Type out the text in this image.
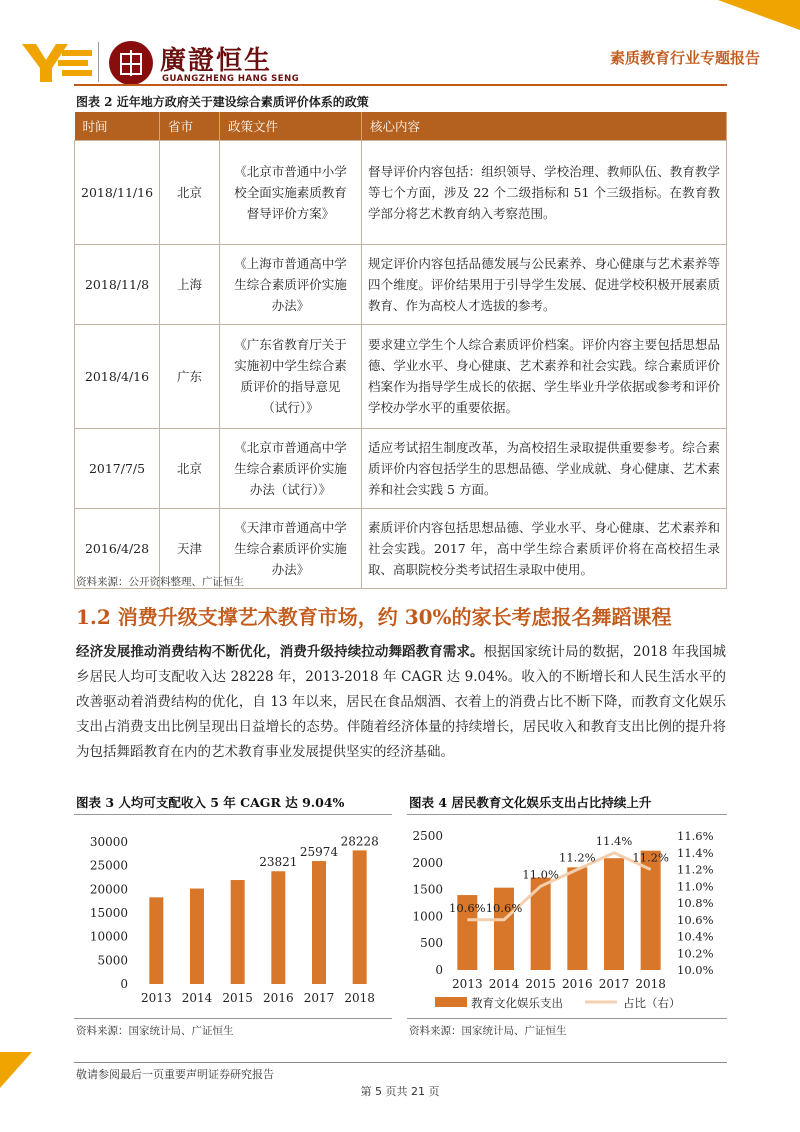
廣證恒生
GUANGZHENG HANG SENG
素质教育行业专题报告
图表 2 近年地方政府关于建设综合素质评价体系的政策
时间	省市	政策文件	核心内容
2018/11/16	北京	《北京市普通中小学校全面实施素质教育督导评价方案》	督导评价内容包括：组织领导、学校治理、教师队伍、教育教学等七个方面，涉及 22 个二级指标和 51 个三级指标。在教育教学部分将艺术教育纳入考察范围。
2018/11/8	上海	《上海市普通高中学生综合素质评价实施办法》	规定评价内容包括品德发展与公民素养、身心健康与艺术素养等四个维度。评价结果用于引导学生发展、促进学校积极开展素质教育、作为高校人才选拔的参考。
2018/4/16	广东	《广东省教育厅关于实施初中学生综合素质评价的指导意见（试行）》	要求建立学生个人综合素质评价档案。评价内容主要包括思想品德、学业水平、身心健康、艺术素养和社会实践。综合素质评价档案作为指导学生成长的依据、学生毕业升学依据或参考和评价学校办学水平的重要依据。
2017/7/5	北京	《北京市普通高中学生综合素质评价实施办法（试行）》	适应考试招生制度改革，为高校招生录取提供重要参考。综合素质评价内容包括学生的思想品德、学业成就、身心健康、艺术素养和社会实践 5 方面。
2016/4/28	天津	《天津市普通高中学生综合素质评价实施办法》	素质评价内容包括思想品德、学业水平、身心健康、艺术素养和社会实践。2017 年，高中学生综合素质评价将在高校招生录取、高职院校分类考试招生录取中使用。
资料来源：公开资料整理、广证恒生
1.2 消费升级支撑艺术教育市场，约 30%的家长考虑报名舞蹈课程
经济发展推动消费结构不断优化，消费升级持续拉动舞蹈教育需求。根据国家统计局的数据，2018 年我国城乡居民人均可支配收入达 28228 年，2013-2018 年 CAGR 达 9.04%。收入的不断增长和人民生活水平的改善驱动着消费结构的优化，自 13 年以来，居民在食品烟酒、衣着上的消费占比不断下降，而教育文化娱乐支出占消费支出比例呈现出日益增长的态势。伴随着经济体量的持续增长，居民收入和教育支出比例的提升将为包括舞蹈教育在内的艺术教育事业发展提供坚实的经济基础。
图表 3 人均可支配收入 5 年 CAGR 达 9.04%	图表 4 居民教育文化娱乐支出占比持续上升
0
5000
10000
15000
20000
25000
30000
23821
25974
28228
2013 2014 2015 2016 2017 2018
资料来源：国家统计局、广证恒生
0
500
1000
1500
2000
2500
10.0%
10.2%
10.4%
10.6%
10.8%
11.0%
11.2%
11.4%
11.6%
10.6% 10.6%
11.0%
11.2%
11.4%
11.2%
2013 2014 2015 2016 2017 2018
教育文化娱乐支出	占比（右）
资料来源：国家统计局、广证恒生
敬请参阅最后一页重要声明证券研究报告
第 5 页共 21 页
